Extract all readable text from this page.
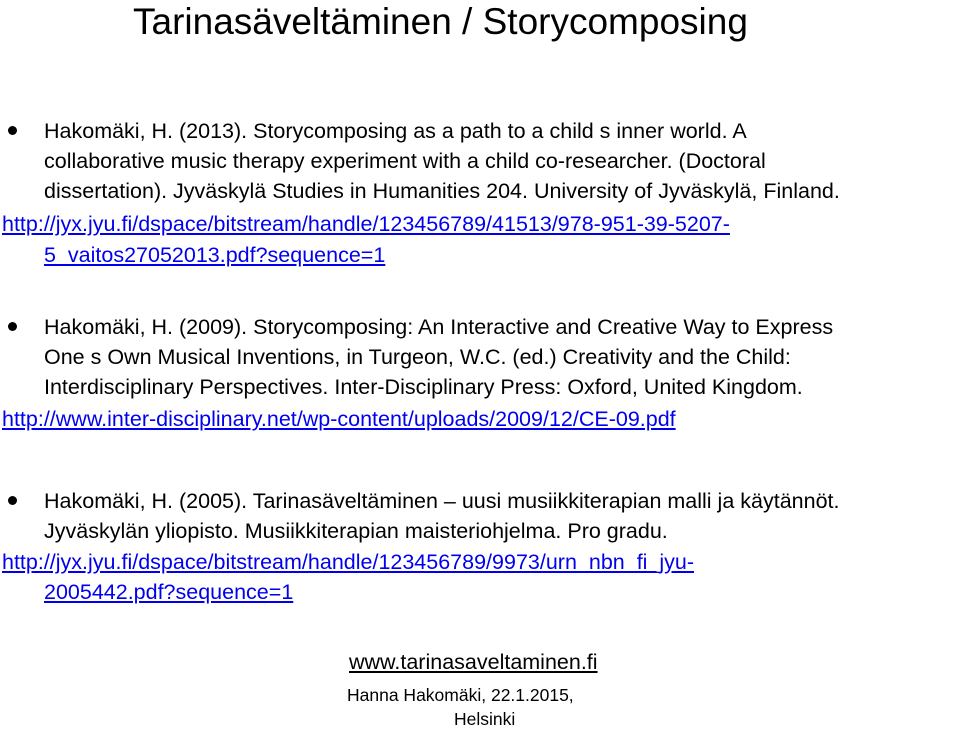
Tarinasäveltäminen / Storycomposing
Hakomäki, H. (2013). Storycomposing as a path to a child s inner world. A
collaborative music therapy experiment with a child co-researcher. (Doctoral
dissertation). Jyväskylä Studies in Humanities 204. University of Jyväskylä, Finland.
http://jyx.jyu.fi/dspace/bitstream/handle/123456789/41513/978-951-39-5207-
5_vaitos27052013.pdf?sequence=1
Hakomäki, H. (2009). Storycomposing: An Interactive and Creative Way to Express
One s Own Musical Inventions, in Turgeon, W.C. (ed.) Creativity and the Child:
Interdisciplinary Perspectives. Inter-Disciplinary Press: Oxford, United Kingdom.
http://www.inter-disciplinary.net/wp-content/uploads/2009/12/CE-09.pdf
Hakomäki, H. (2005). Tarinasäveltäminen – uusi musiikkiterapian malli ja käytännöt.
Jyväskylän yliopisto. Musiikkiterapian maisteriohjelma. Pro gradu.
http://jyx.jyu.fi/dspace/bitstream/handle/123456789/9973/urn_nbn_fi_jyu-
2005442.pdf?sequence=1
www.tarinasaveltaminen.fi
Hanna Hakomäki, 22.1.2015,
Helsinki
